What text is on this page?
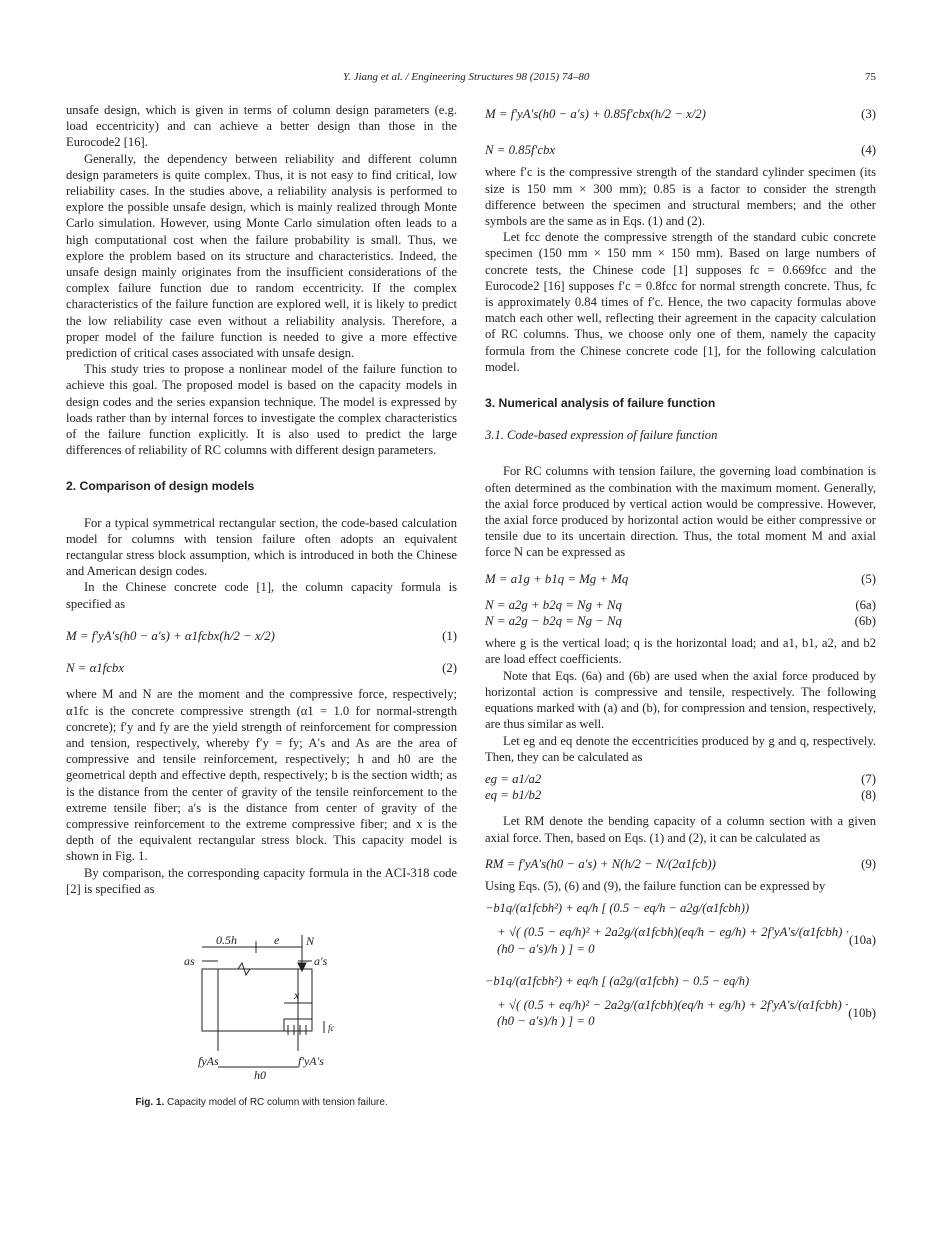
Y. Jiang et al. / Engineering Structures 98 (2015) 74–80	75

unsafe design, which is given in terms of column design parameters (e.g. load eccentricity) and can achieve a better design than those in the Eurocode2 [16].

Generally, the dependency between reliability and different column design parameters is quite complex. Thus, it is not easy to find critical, low reliability cases. In the studies above, a reliability analysis is performed to explore the possible unsafe design, which is mainly realized through Monte Carlo simulation. However, using Monte Carlo simulation often leads to a high computational cost when the failure probability is small. Thus, we explore the problem based on its structure and characteristics. Indeed, the unsafe design mainly originates from the insufficient considerations of the complex failure function due to random eccentricity. If the complex characteristics of the failure function are explored well, it is likely to predict the low reliability case even without a reliability analysis. Therefore, a proper model of the failure function is needed to give a more effective prediction of critical cases associated with unsafe design.

This study tries to propose a nonlinear model of the failure function to achieve this goal. The proposed model is based on the capacity models in design codes and the series expansion technique. The model is expressed by loads rather than by internal forces to investigate the complex characteristics of the failure function explicitly. It is also used to predict the large differences of reliability of RC columns with different design parameters.

2. Comparison of design models

For a typical symmetrical rectangular section, the code-based calculation model for columns with tension failure often adopts an equivalent rectangular stress block assumption, which is introduced in both the Chinese and American design codes.

In the Chinese concrete code [1], the column capacity formula is specified as

M = f′yA′s(h0 − a′s) + α1fcbx(h/2 − x/2)	(1)
N = α1fcbx	(2)

where M and N are the moment and the compressive force, respectively; α1fc is the concrete compressive strength (α1 = 1.0 for normal-strength concrete); f′y and fy are the yield strength of reinforcement for compression and tension, respectively, whereby f′y = fy; A′s and As are the area of compressive and tensile reinforcement, respectively; h and h0 are the geometrical depth and effective depth, respectively; b is the section width; as is the distance from the center of gravity of the tensile reinforcement to the extreme tensile fiber; a′s is the distance from center of gravity of the compressive reinforcement to the extreme compressive fiber; and x is the depth of the equivalent rectangular stress block. This capacity model is shown in Fig. 1.

By comparison, the corresponding capacity formula in the ACI-318 code [2] is specified as

as
0.5h	e N
a′s
x
fc
fyAs
h0
f′yA′s
Fig. 1. Capacity model of RC column with tension failure.
M = f′yA′s(h0 − a′s) + 0.85f′cbx(h/2 − x/2)	(3)
N = 0.85f′cbx	(4)

where f′c is the compressive strength of the standard cylinder specimen (its size is 150 mm × 300 mm); 0.85 is a factor to consider the strength difference between the specimen and structural members; and the other symbols are the same as in Eqs. (1) and (2).

Let fcc denote the compressive strength of the standard cubic concrete specimen (150 mm × 150 mm × 150 mm). Based on large numbers of concrete tests, the Chinese code [1] supposes fc = 0.669fcc and the Eurocode2 [16] supposes f′c = 0.8fcc for normal strength concrete. Thus, fc is approximately 0.84 times of f′c. Hence, the two capacity formulas above match each other well, reflecting their agreement in the capacity calculation of RC columns. Thus, we choose only one of them, namely the capacity formula from the Chinese concrete code [1], for the following calculation model.

3. Numerical analysis of failure function
3.1. Code-based expression of failure function

For RC columns with tension failure, the governing load combination is often determined as the combination with the maximum moment. Generally, the axial force produced by vertical action would be compressive. However, the axial force produced by horizontal action would be either compressive or tensile due to its uncertain direction. Thus, the total moment M and axial force N can be expressed as

M = a1g + b1q = Mg + Mq	(5)
N = a2g + b2q = Ng + Nq	(6a)
N = a2g − b2q = Ng − Nq	(6b)

where g is the vertical load; q is the horizontal load; and a1, b1, a2, and b2 are load effect coefficients.

Note that Eqs. (6a) and (6b) are used when the axial force produced by horizontal action is compressive and tensile, respectively. The following equations marked with (a) and (b), for compression and tension, respectively, are thus similar as well.

Let eg and eq denote the eccentricities produced by g and q, respectively. Then, they can be calculated as

eg = a1/a2	(7)
eq = b1/b2	(8)

Let RM denote the bending capacity of a column section with a given axial force. Then, based on Eqs. (1) and (2), it can be calculated as

RM = f′yA′s(h0 − a′s) + N(h/2 − N/(2α1fcb))	(9)

Using Eqs. (5), (6) and (9), the failure function can be expressed by

−b1q/(α1fcbh²) + eq/h [ (0.5 − eq/h − a2g/(α1fcbh))
+ √( (0.5 − eq/h)² + 2a2g/(α1fcbh)(eq/h − eg/h) + 2f′yA′s/(α1fcbh) · (h0 − a′s)/h ) ] = 0
(10a)
−b1q/(α1fcbh²) + eq/h [ (a2g/(α1fcbh) − 0.5 − eq/h)
+ √( (0.5 + eq/h)² − 2a2g/(α1fcbh)(eq/h + eg/h) + 2f′yA′s/(α1fcbh) · (h0 − a′s)/h ) ] = 0
(10b)
